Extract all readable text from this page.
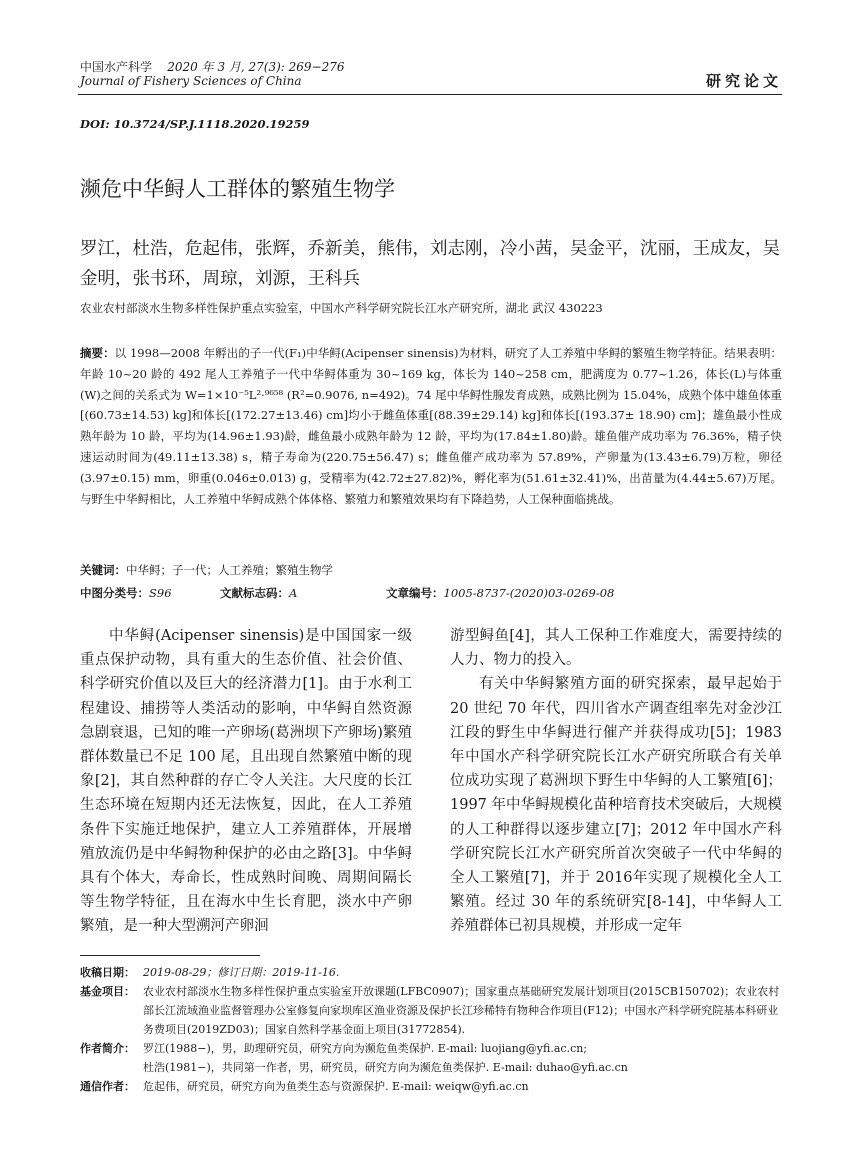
中国水产科学 2020 年 3 月, 27(3): 269−276
Journal of Fishery Sciences of China	研究论文
DOI: 10.3724/SP.J.1118.2020.19259
濒危中华鲟人工群体的繁殖生物学
罗江，杜浩，危起伟，张辉，乔新美，熊伟，刘志刚，冷小茜，吴金平，沈丽，王成友，吴金明，张书环，周琼，刘源，王科兵
农业农村部淡水生物多样性保护重点实验室，中国水产科学研究院长江水产研究所，湖北 武汉 430223
摘要：以 1998—2008 年孵出的子一代(F₁)中华鲟(Acipenser sinensis)为材料，研究了人工养殖中华鲟的繁殖生物学特征。结果表明：年龄 10~20 龄的 492 尾人工养殖子一代中华鲟体重为 30~169 kg，体长为 140~258 cm，肥满度为 0.77~1.26，体长(L)与体重(W)之间的关系式为 W=1×10⁻⁵L²·⁹⁶⁵⁸ (R²=0.9076, n=492)。74 尾中华鲟性腺发育成熟，成熟比例为 15.04%，成熟个体中雄鱼体重[(60.73±14.53) kg]和体长[(172.27±13.46) cm]均小于雌鱼体重[(88.39±29.14) kg]和体长[(193.37± 18.90) cm]；雄鱼最小性成熟年龄为 10 龄，平均为(14.96±1.93)龄，雌鱼最小成熟年龄为 12 龄，平均为(17.84±1.80)龄。雄鱼催产成功率为 76.36%，精子快速运动时间为(49.11±13.38) s，精子寿命为(220.75±56.47) s；雌鱼催产成功率为 57.89%，产卵量为(13.43±6.79)万粒，卵径(3.97±0.15) mm，卵重(0.046±0.013) g，受精率为(42.72±27.82)%，孵化率为(51.61±32.41)%，出苗量为(4.44±5.67)万尾。与野生中华鲟相比，人工养殖中华鲟成熟个体体格、繁殖力和繁殖效果均有下降趋势，人工保种面临挑战。
关键词：中华鲟；子一代；人工养殖；繁殖生物学
中图分类号：S96	文献标志码：A	文章编号：1005-8737-(2020)03-0269-08

中华鲟(Acipenser sinensis)是中国国家一级重点保护动物，具有重大的生态价值、社会价值、科学研究价值以及巨大的经济潜力[1]。由于水利工程建设、捕捞等人类活动的影响，中华鲟自然资源急剧衰退，已知的唯一产卵场(葛洲坝下产卵场)繁殖群体数量已不足 100 尾，且出现自然繁殖中断的现象[2]，其自然种群的存亡令人关注。大尺度的长江生态环境在短期内还无法恢复，因此，在人工养殖条件下实施迁地保护，建立人工养殖群体，开展增殖放流仍是中华鲟物种保护的必由之路[3]。中华鲟具有个体大，寿命长，性成熟时间晚、周期间隔长等生物学特征，且在海水中生长育肥，淡水中产卵繁殖，是一种大型溯河产卵洄

游型鲟鱼[4]，其人工保种工作难度大，需要持续的人力、物力的投入。

有关中华鲟繁殖方面的研究探索，最早起始于 20 世纪 70 年代，四川省水产调查组率先对金沙江江段的野生中华鲟进行催产并获得成功[5]；1983年中国水产科学研究院长江水产研究所联合有关单位成功实现了葛洲坝下野生中华鲟的人工繁殖[6]；1997 年中华鲟规模化苗种培育技术突破后，大规模的人工种群得以逐步建立[7]；2012 年中国水产科学研究院长江水产研究所首次突破子一代中华鲟的全人工繁殖[7]，并于 2016年实现了规模化全人工繁殖。经过 30 年的系统研究[8-14]，中华鲟人工养殖群体已初具规模，并形成一定年

收稿日期： 2019-08-29；修订日期：2019-11-16.
基金项目： 农业农村部淡水生物多样性保护重点实验室开放课题(LFBC0907)；国家重点基础研究发展计划项目(2015CB150702)；农业农村部长江流域渔业监督管理办公室修复向家坝库区渔业资源及保护长江珍稀特有物种合作项目(F12)；中国水产科学研究院基本科研业务费项目(2019ZD03)；国家自然科学基金面上项目(31772854).
作者简介： 罗江(1988−)，男，助理研究员，研究方向为濒危鱼类保护. E-mail: luojiang@yfi.ac.cn;
杜浩(1981−)，共同第一作者，男，研究员，研究方向为濒危鱼类保护. E-mail: duhao@yfi.ac.cn
通信作者： 危起伟，研究员，研究方向为鱼类生态与资源保护. E-mail: weiqw@yfi.ac.cn
